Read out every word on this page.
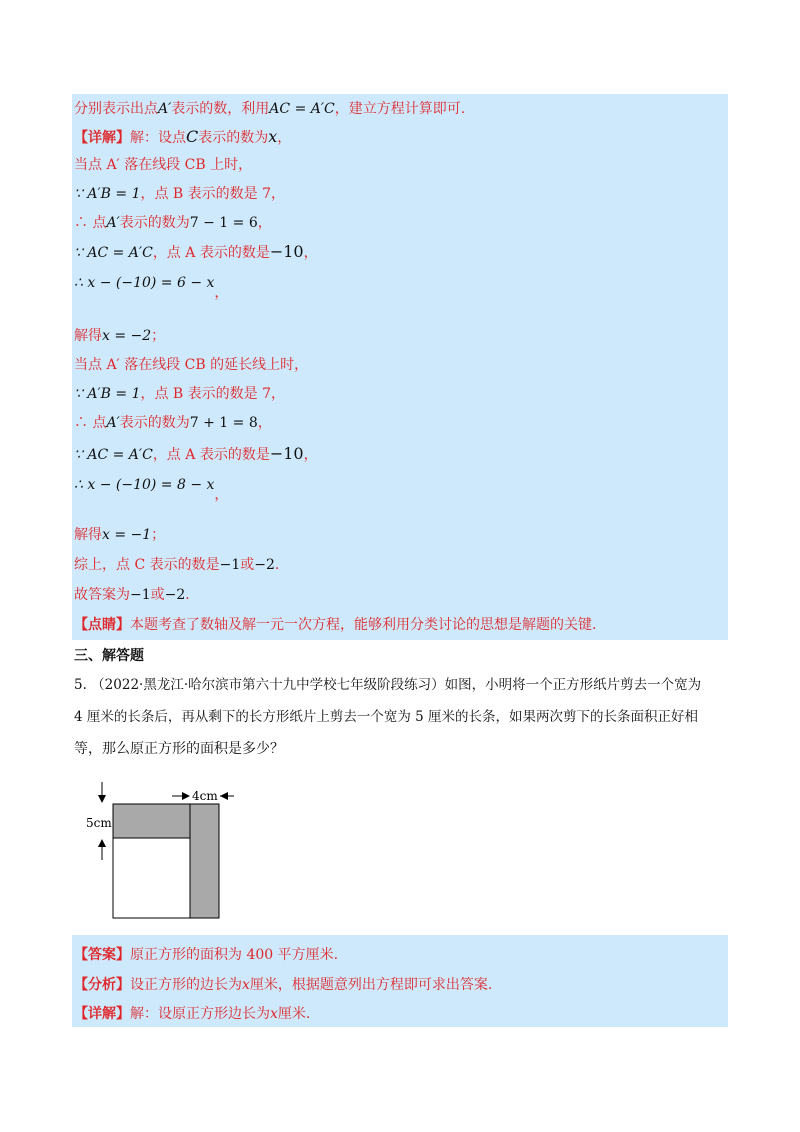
分别表示出点A′表示的数，利用AC = A′C，建立方程计算即可.
【详解】解：设点C表示的数为x，
当点 A′ 落在线段 CB 上时，
∵ A′B = 1，点 B 表示的数是 7，
∴ 点A′表示的数为7 − 1 = 6，
∵ AC = A′C，点 A 表示的数是−10，
∴ x − (−10) = 6 − x，
解得x = −2；
当点 A′ 落在线段 CB 的延长线上时，
∵ A′B = 1，点 B 表示的数是 7，
∴ 点A′表示的数为7 + 1 = 8，
∵ AC = A′C，点 A 表示的数是−10，
∴ x − (−10) = 8 − x，
解得x = −1；
综上，点 C 表示的数是−1或−2.
故答案为−1或−2.
【点睛】本题考查了数轴及解一元一次方程，能够利用分类讨论的思想是解题的关键.
三、解答题
5. （2022·黑龙江·哈尔滨市第六十九中学校七年级阶段练习）如图，小明将一个正方形纸片剪去一个宽为
4 厘米的长条后，再从剩下的长方形纸片上剪去一个宽为 5 厘米的长条，如果两次剪下的长条面积正好相
等，那么原正方形的面积是多少？
5cm
4cm
【答案】原正方形的面积为 400 平方厘米.
【分析】设正方形的边长为x厘米，根据题意列出方程即可求出答案.
【详解】解：设原正方形边长为x厘米.
